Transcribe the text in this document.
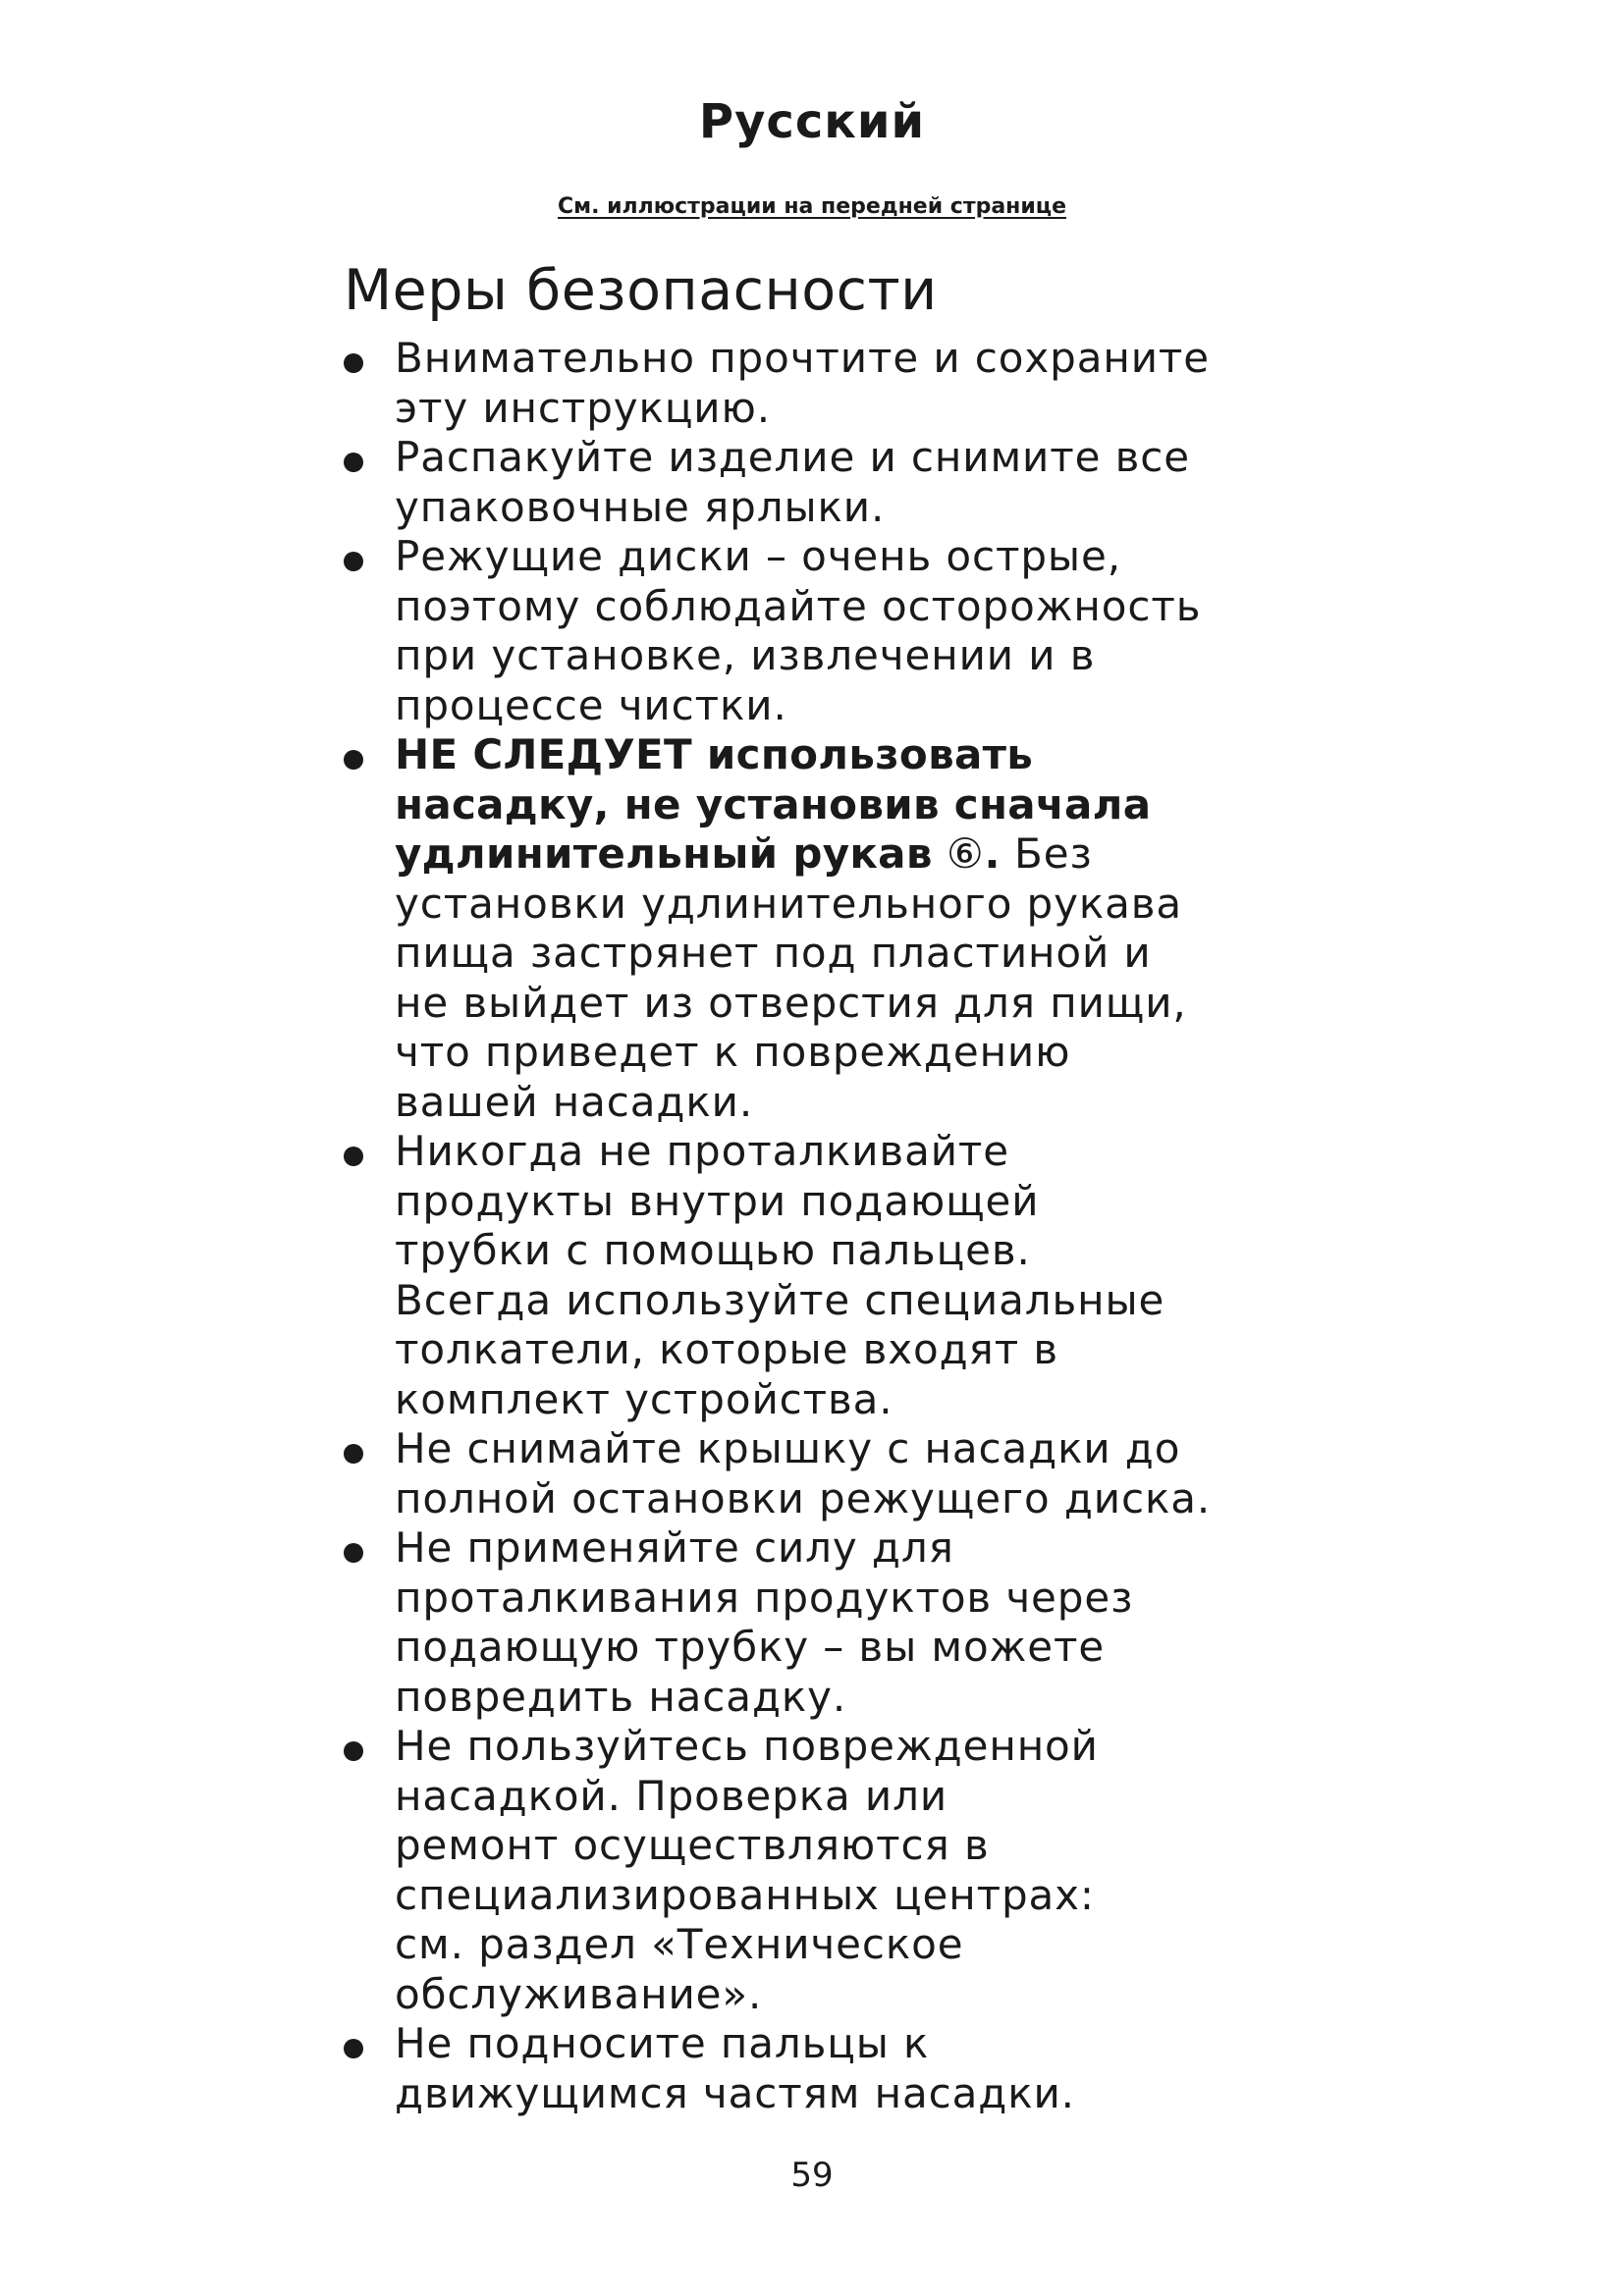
Русский

См. иллюстрации на передней странице

Меры безопасности
Внимательно прочтите и сохраните
эту инструкцию.
Распакуйте изделие и снимите все
упаковочные ярлыки.
Режущие диски – очень острые,
поэтому соблюдайте осторожность
при установке, извлечении и в
процессе чистки.
НЕ СЛЕДУЕТ использовать
насадку, не установив сначала
удлинительный рукав ⑥. Без
установки удлинительного рукава
пища застрянет под пластиной и
не выйдет из отверстия для пищи,
что приведет к повреждению
вашей насадки.
Никогда не проталкивайте
продукты внутри подающей
трубки с помощью пальцев.
Всегда используйте специальные
толкатели, которые входят в
комплект устройства.
Не снимайте крышку с насадки до
полной остановки режущего диска.
Не применяйте силу для
проталкивания продуктов через
подающую трубку – вы можете
повредить насадку.
Не пользуйтесь поврежденной
насадкой. Проверка или
ремонт осуществляются в
специализированных центрах:
см. раздел «Техническое
обслуживание».
Не подносите пальцы к
движущимся частям насадки.

59
